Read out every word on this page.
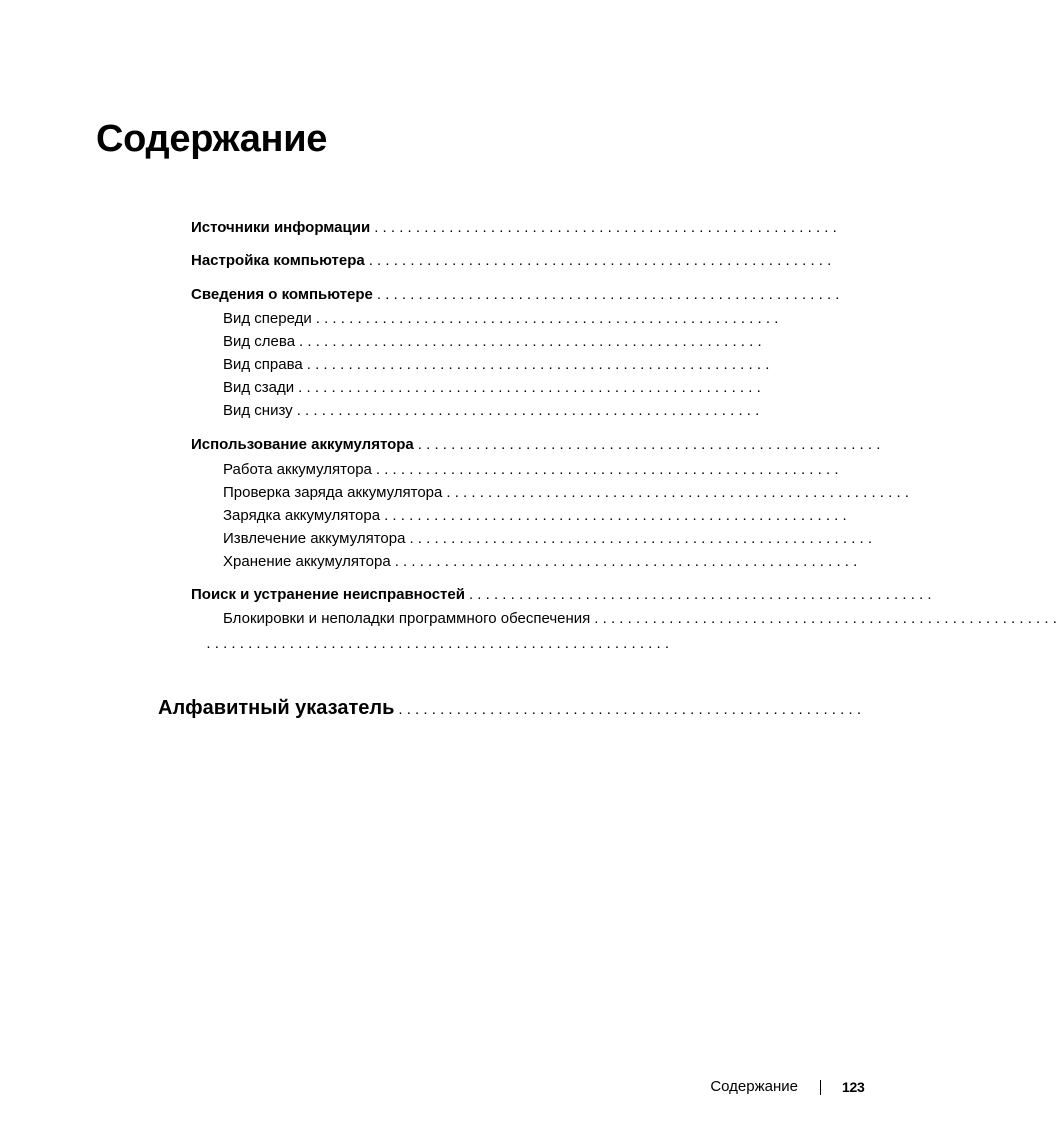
Содержание
Источники информации . . . . . . . . . . . . . . . . . . . . . . . . . . . . . . . . . . . . . . . . . . . . . . . . . . . . . . . .
Настройка компьютера . . . . . . . . . . . . . . . . . . . . . . . . . . . . . . . . . . . . . . . . . . . . . . . . . . . . . . . .
Сведения о компьютере . . . . . . . . . . . . . . . . . . . . . . . . . . . . . . . . . . . . . . . . . . . . . . . . . . . . . . . .
Вид спереди . . . . . . . . . . . . . . . . . . . . . . . . . . . . . . . . . . . . . . . . . . . . . . . . . . . . . . . .
Вид слева . . . . . . . . . . . . . . . . . . . . . . . . . . . . . . . . . . . . . . . . . . . . . . . . . . . . . . . .
Вид справа . . . . . . . . . . . . . . . . . . . . . . . . . . . . . . . . . . . . . . . . . . . . . . . . . . . . . . . .
Вид сзади . . . . . . . . . . . . . . . . . . . . . . . . . . . . . . . . . . . . . . . . . . . . . . . . . . . . . . . .
Вид снизу . . . . . . . . . . . . . . . . . . . . . . . . . . . . . . . . . . . . . . . . . . . . . . . . . . . . . . . .
Использование аккумулятора . . . . . . . . . . . . . . . . . . . . . . . . . . . . . . . . . . . . . . . . . . . . . . . . . . . . . . . .
Работа аккумулятора . . . . . . . . . . . . . . . . . . . . . . . . . . . . . . . . . . . . . . . . . . . . . . . . . . . . . . . .
Проверка заряда аккумулятора . . . . . . . . . . . . . . . . . . . . . . . . . . . . . . . . . . . . . . . . . . . . . . . . . . . . . . . .
Зарядка аккумулятора . . . . . . . . . . . . . . . . . . . . . . . . . . . . . . . . . . . . . . . . . . . . . . . . . . . . . . . .
Извлечение аккумулятора . . . . . . . . . . . . . . . . . . . . . . . . . . . . . . . . . . . . . . . . . . . . . . . . . . . . . . . .
Хранение аккумулятора . . . . . . . . . . . . . . . . . . . . . . . . . . . . . . . . . . . . . . . . . . . . . . . . . . . . . . . .
Поиск и устранение неисправностей . . . . . . . . . . . . . . . . . . . . . . . . . . . . . . . . . . . . . . . . . . . . . . . . . . . . . . . .
Блокировки и неполадки программного обеспечения . . . . . . . . . . . . . . . . . . . . . . . . . . . . . . . . . . . . . . . . . . . . . . . . . . . . . . . .
. . . . . . . . . . . . . . . . . . . . . . . . . . . . . . . . . . . . . . . . . . . . . . . . . . . . . . . .
Алфавитный указатель . . . . . . . . . . . . . . . . . . . . . . . . . . . . . . . . . . . . . . . . . . . . . . . . . . . . . . . .
Содержание	123
